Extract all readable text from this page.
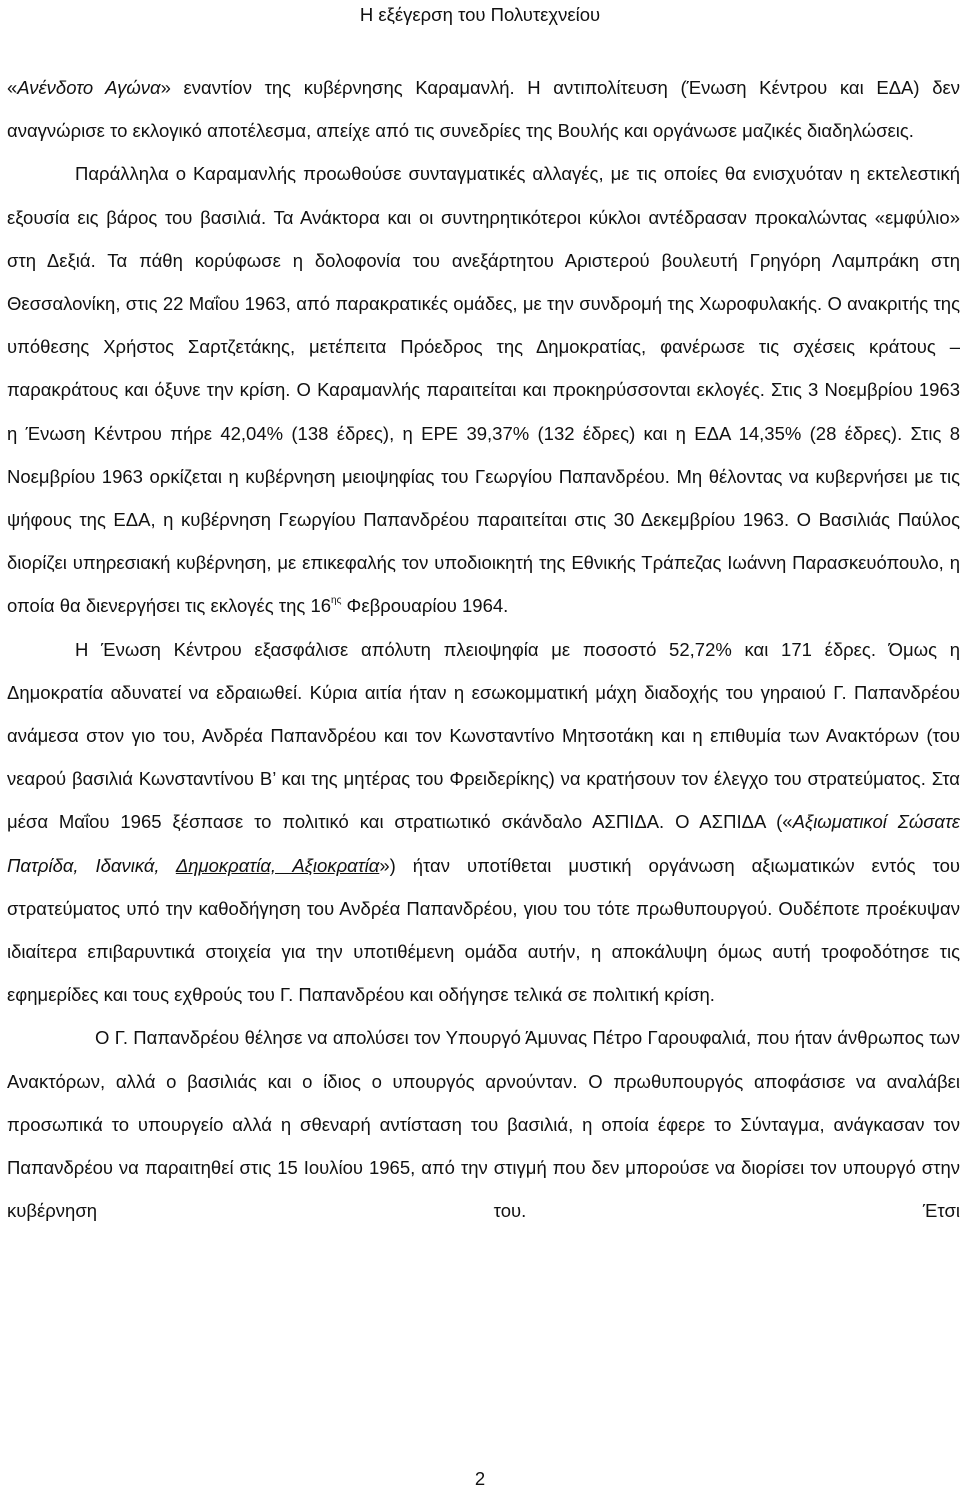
Η εξέγερση του Πολυτεχνείου

«Ανένδοτο Αγώνα» εναντίον της κυβέρνησης Καραμανλή. Η αντιπολίτευση (Ένωση Κέντρου και ΕΔΑ) δεν αναγνώρισε το εκλογικό αποτέλεσμα, απείχε από τις συνεδρίες της Βουλής και οργάνωσε μαζικές διαδηλώσεις.

Παράλληλα ο Καραμανλής προωθούσε συνταγματικές αλλαγές, με τις οποίες θα ενισχυόταν η εκτελεστική εξουσία εις βάρος του βασιλιά. Τα Ανάκτορα και οι συντηρητικότεροι κύκλοι αντέδρασαν προκαλώντας «εμφύλιο» στη Δεξιά. Τα πάθη κορύφωσε η δολοφονία του ανεξάρτητου Αριστερού βουλευτή Γρηγόρη Λαμπράκη στη Θεσσαλονίκη, στις 22 Μαΐου 1963, από παρακρατικές ομάδες, με την συνδρομή της Χωροφυλακής. Ο ανακριτής της υπόθεσης Χρήστος Σαρτζετάκης, μετέπειτα Πρόεδρος της Δημοκρατίας, φανέρωσε τις σχέσεις κράτους – παρακράτους και όξυνε την κρίση. Ο Καραμανλής παραιτείται και προκηρύσσονται εκλογές. Στις 3 Νοεμβρίου 1963 η Ένωση Κέντρου πήρε 42,04% (138 έδρες), η ΕΡΕ 39,37% (132 έδρες) και η ΕΔΑ 14,35% (28 έδρες). Στις 8 Νοεμβρίου 1963 ορκίζεται η κυβέρνηση μειοψηφίας του Γεωργίου Παπανδρέου. Μη θέλοντας να κυβερνήσει με τις ψήφους της ΕΔΑ, η κυβέρνηση Γεωργίου Παπανδρέου παραιτείται στις 30 Δεκεμβρίου 1963. Ο Βασιλιάς Παύλος διορίζει υπηρεσιακή κυβέρνηση, με επικεφαλής τον υποδιοικητή της Εθνικής Τράπεζας Ιωάννη Παρασκευόπουλο, η οποία θα διενεργήσει τις εκλογές της $16^{\eta\varsigma}$ Φεβρουαρίου 1964.

Η Ένωση Κέντρου εξασφάλισε απόλυτη πλειοψηφία με ποσοστό 52,72% και 171 έδρες. Όμως η Δημοκρατία αδυνατεί να εδραιωθεί. Κύρια αιτία ήταν η εσωκομματική μάχη διαδοχής του γηραιού Γ. Παπανδρέου ανάμεσα στον γιο του, Ανδρέα Παπανδρέου και τον Κωνσταντίνο Μητσοτάκη και η επιθυμία των Ανακτόρων (του νεαρού βασιλιά Κωνσταντίνου Β’ και της μητέρας του Φρειδερίκης) να κρατήσουν τον έλεγχο του στρατεύματος. Στα μέσα Μαΐου 1965 ξέσπασε το πολιτικό και στρατιωτικό σκάνδαλο ΑΣΠΙΔΑ. Ο ΑΣΠΙΔΑ («Αξιωματικοί Σώσατε Πατρίδα, Ιδανικά, Δημοκρατία, Αξιοκρατία») ήταν υποτίθεται μυστική οργάνωση αξιωματικών εντός του στρατεύματος υπό την καθοδήγηση του Ανδρέα Παπανδρέου, γιου του τότε πρωθυπουργού. Ουδέποτε προέκυψαν ιδιαίτερα επιβαρυντικά στοιχεία για την υποτιθέμενη ομάδα αυτήν, η αποκάλυψη όμως αυτή τροφοδότησε τις εφημερίδες και τους εχθρούς του Γ. Παπανδρέου και οδήγησε τελικά σε πολιτική κρίση.

Ο Γ. Παπανδρέου θέλησε να απολύσει τον Υπουργό Άμυνας Πέτρο Γαρουφαλιά, που ήταν άνθρωπος των Ανακτόρων, αλλά ο βασιλιάς και ο ίδιος ο υπουργός αρνούνταν. Ο πρωθυπουργός αποφάσισε να αναλάβει προσωπικά το υπουργείο αλλά η σθεναρή αντίσταση του βασιλιά, η οποία έφερε το Σύνταγμα, ανάγκασαν τον Παπανδρέου να παραιτηθεί στις 15 Ιουλίου 1965, από την στιγμή που δεν μπορούσε να διορίσει τον υπουργό στην κυβέρνηση του. Έτσι

2
